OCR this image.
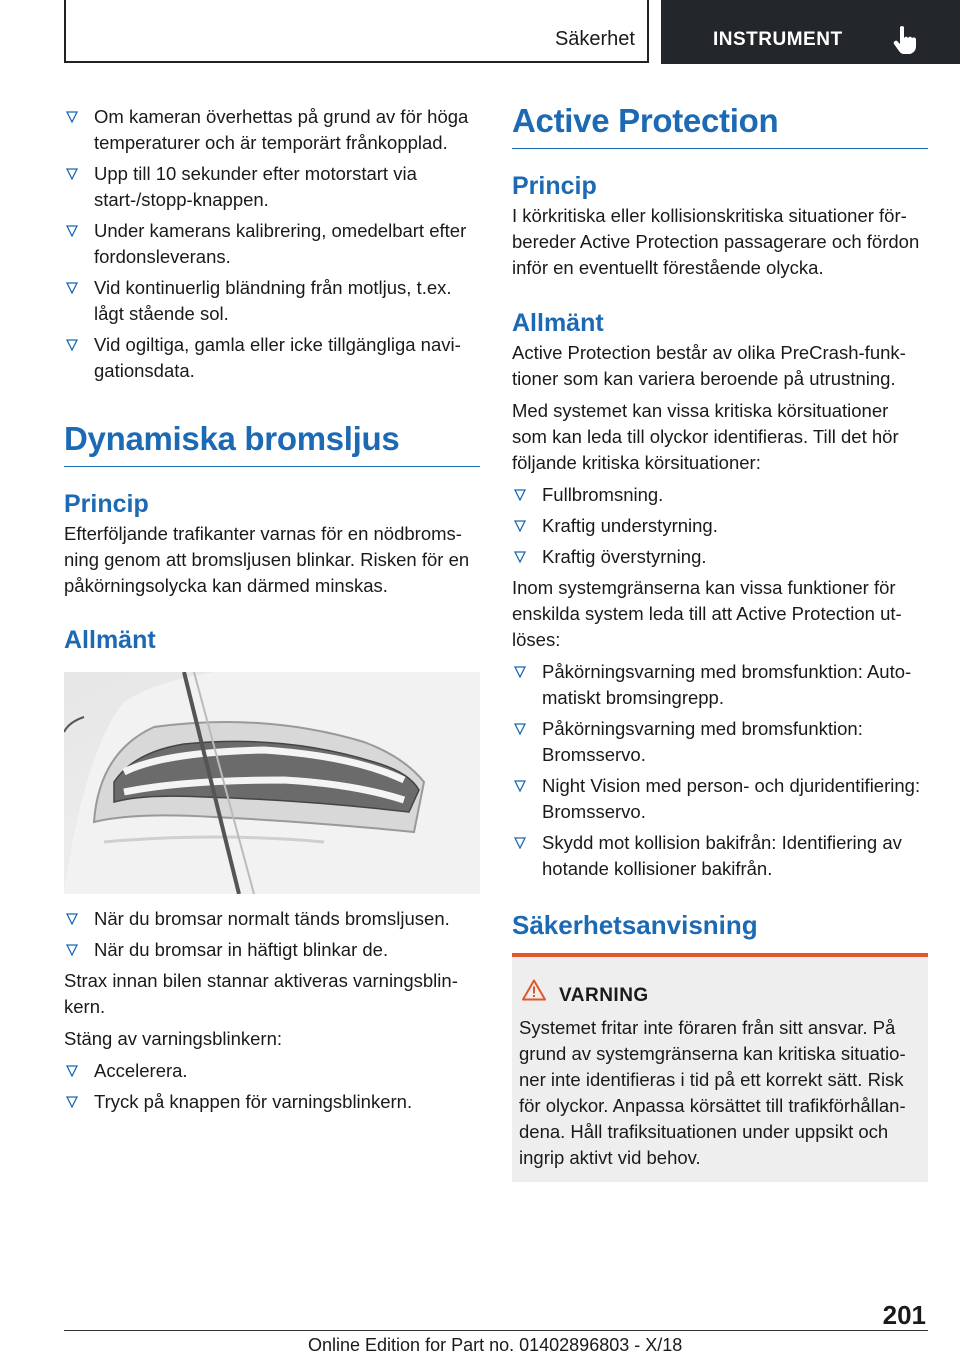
Säkerhet	INSTRUMENT
Om kameran överhettas på grund av för höga temperaturer och är temporärt frånkopplad.
Upp till 10 sekunder efter motorstart via start-/stopp-knappen.
Under kamerans kalibrering, omedelbart efter fordonsleverans.
Vid kontinuerlig bländning från motljus, t.ex. lågt stående sol.
Vid ogiltiga, gamla eller icke tillgängliga navigationsdata.
Dynamiska bromsljus
Princip

Efterföljande trafikanter varnas för en nödbromsning genom att bromsljusen blinkar. Risken för en påkörningsolycka kan därmed minskas.

Allmänt
När du bromsar normalt tänds bromsljusen.
När du bromsar in häftigt blinkar de.

Strax innan bilen stannar aktiveras varningsblinkern.

Stäng av varningsblinkern:

Accelerera.
Tryck på knappen för varningsblinkern.
Active Protection
Princip

I körkritiska eller kollisionskritiska situationer förbereder Active Protection passagerare och fördon inför en eventuellt förestående olycka.

Allmänt

Active Protection består av olika PreCrash-funktioner som kan variera beroende på utrustning.

Med systemet kan vissa kritiska körsituationer som kan leda till olyckor identifieras. Till det hör följande kritiska körsituationer:

Fullbromsning.
Kraftig understyrning.
Kraftig överstyrning.

Inom systemgränserna kan vissa funktioner för enskilda system leda till att Active Protection utlöses:

Påkörningsvarning med bromsfunktion: Automatiskt bromsingrepp.
Påkörningsvarning med bromsfunktion: Bromsservo.
Night Vision med person- och djuridentifiering: Bromsservo.
Skydd mot kollision bakifrån: Identifiering av hotande kollisioner bakifrån.
Säkerhetsanvisning
VARNING
Systemet fritar inte föraren från sitt ansvar. På grund av systemgränserna kan kritiska situationer inte identifieras i tid på ett korrekt sätt. Risk för olyckor. Anpassa körsättet till trafikförhållandena. Håll trafiksituationen under uppsikt och ingrip aktivt vid behov.
201
Online Edition for Part no. 01402896803 - X/18
